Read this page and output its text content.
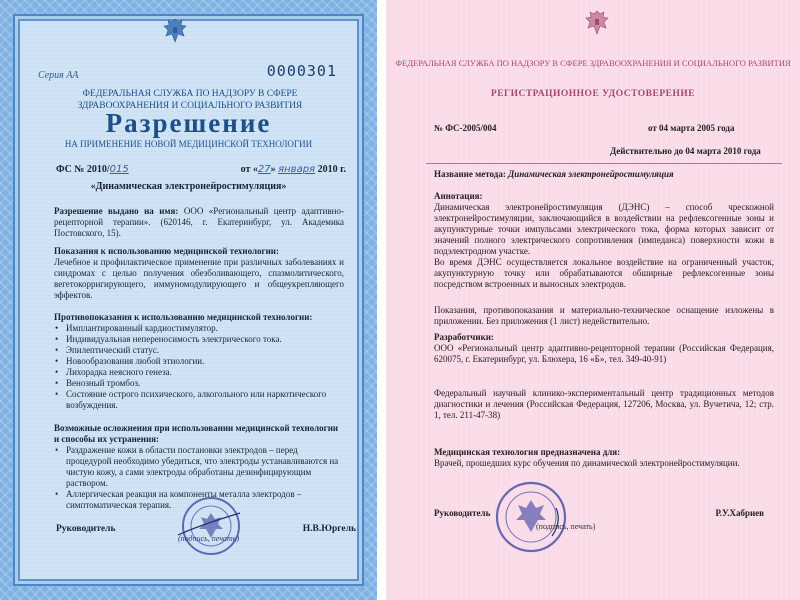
Серия АА	0000301
ФЕДЕРАЛЬНАЯ СЛУЖБА ПО НАДЗОРУ В СФЕРЕ ЗДРАВООХРАНЕНИЯ И СОЦИАЛЬНОГО РАЗВИТИЯ
Разрешение
НА ПРИМЕНЕНИЕ НОВОЙ МЕДИЦИНСКОЙ ТЕХНОЛОГИИ
ФС № 2010/015	от «27» января 2010 г.
«Динамическая электронейростимуляция»

Разрешение выдано на имя: ООО «Региональный центр адаптивно-рецепторной терапии». (620146, г. Екатеринбург, ул. Академика Постовского, 15).

Показания к использованию медицинской технологии:

Лечебное и профилактическое применение при различных заболеваниях и синдромах с целью получения обезболивающего, спазмолитического, вегетокорригирующего, иммуномодулирующего и общеукрепляющего эффектов.

Противопоказания к использованию медицинской технологии:
• Имплантированный кардиостимулятор.
• Индивидуальная непереносимость электрического тока.
• Эпилептический статус.
• Новообразования любой этиологии.
• Лихорадка неясного генеза.
• Венозный тромбоз.
• Состояние острого психического, алкогольного или наркотического возбуждения.
Возможные осложнения при использовании медицинской технологии и способы их устранения:
• Раздражение кожи в области постановки электродов – перед процедурой необходимо убедиться, что электроды устанавливаются на чистую кожу, а сами электроды обработаны дезинфицирующим раствором.
• Аллергическая реакция на компоненты металла электродов – симптоматическая терапия.
Руководитель	Н.В.Юргель
(подпись, печать)
ФЕДЕРАЛЬНАЯ СЛУЖБА ПО НАДЗОРУ В СФЕРЕ ЗДРАВООХРАНЕНИЯ И СОЦИАЛЬНОГО РАЗВИТИЯ
РЕГИСТРАЦИОННОЕ УДОСТОВЕРЕНИЕ
№ ФС-2005/004	от 04 марта 2005 года
Действительно до 04 марта 2010 года
Название метода: Динамическая электронейростимуляция
Аннотация:

Динамическая электронейростимуляция (ДЭНС) – способ чрескожной электронейростимуляции, заключающийся в воздействии на рефлексогенные зоны и акупунктурные точки импульсами электрического тока, форма которых зависит от значений полного электрического сопротивления (импеданса) поверхности кожи в подэлектродном участке.

Во время ДЭНС осуществляется локальное воздействие на ограниченный участок, акупунктурную точку или обрабатываются обширные рефлексогенные зоны посредством встроенных и выносных электродов.

Показания, противопоказания и материально-техническое оснащение изложены в приложении. Без приложения (1 лист) недействительно.

Разработчики:

ООО «Региональный центр адаптивно-рецепторной терапии (Российская Федерация, 620075, г. Екатеринбург, ул. Блюхера, 16 «Б», тел. 349-40-91)

Федеральный научный клинико-экспериментальный центр традиционных методов диагностики и лечения (Российская Федерация, 127206, Москва, ул. Вучетича, 12; стр. 1, тел. 211-47-38)

Медицинская технология предназначена для:

Врачей, прошедших курс обучения по динамической электронейростимуляции.

Руководитель	Р.У.Хабриев
(подпись, печать)
